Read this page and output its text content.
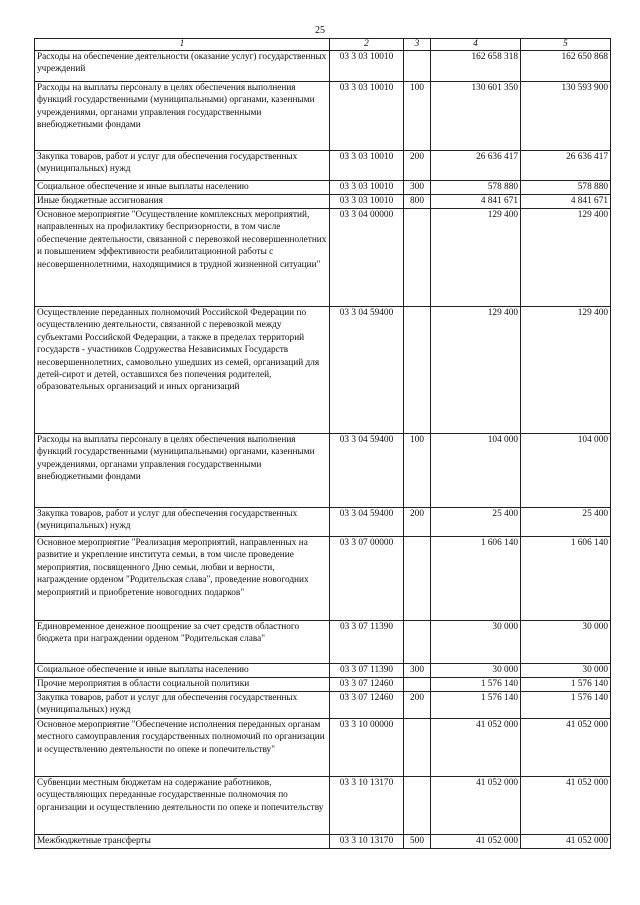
25
1	2	3	4	5
Расходы на обеспечение деятельности (оказание услуг) государственных учреждений	03 3 03 10010		162 658 318	162 650 868
Расходы на выплаты персоналу в целях обеспечения выполнения функций государственными (муниципальными) органами, казенными учреждениями, органами управления государственными внебюджетными фондами	03 3 03 10010	100	130 601 350	130 593 900
Закупка товаров, работ и услуг для обеспечения государственных (муниципальных) нужд	03 3 03 10010	200	26 636 417	26 636 417
Социальное обеспечение и иные выплаты населению	03 3 03 10010	300	578 880	578 880
Иные бюджетные ассигнования	03 3 03 10010	800	4 841 671	4 841 671
Основное мероприятие "Осуществление комплексных мероприятий, направленных на профилактику беспризорности, в том числе обеспечение деятельности, связанной с перевозкой несовершеннолетних и повышением эффективности реабилитационной работы с несовершеннолетними, находящимися в трудной жизненной ситуации"	03 3 04 00000		129 400	129 400
Осуществление переданных полномочий Российской Федерации по осуществлению деятельности, связанной с перевозкой между субъектами Российской Федерации, а также в пределах территорий государств - участников Содружества Независимых Государств несовершеннолетних, самовольно ушедших из семей, организаций для детей-сирот и детей, оставшихся без попечения родителей, образовательных организаций и иных организаций	03 3 04 59400		129 400	129 400
Расходы на выплаты персоналу в целях обеспечения выполнения функций государственными (муниципальными) органами, казенными учреждениями, органами управления государственными внебюджетными фондами	03 3 04 59400	100	104 000	104 000
Закупка товаров, работ и услуг для обеспечения государственных (муниципальных) нужд	03 3 04 59400	200	25 400	25 400
Основное мероприятие "Реализация мероприятий, направленных на развитие и укрепление института семьи, в том числе проведение мероприятия, посвященного Дню семьи, любви и верности, награждение орденом "Родительская слава", проведение новогодних мероприятий и приобретение новогодних подарков"	03 3 07 00000		1 606 140	1 606 140
Единовременное денежное поощрение за счет средств областного бюджета при награждении орденом "Родительская слава"	03 3 07 11390		30 000	30 000
Социальное обеспечение и иные выплаты населению	03 3 07 11390	300	30 000	30 000
Прочие мероприятия в области социальной политики	03 3 07 12460		1 576 140	1 576 140
Закупка товаров, работ и услуг для обеспечения государственных (муниципальных) нужд	03 3 07 12460	200	1 576 140	1 576 140
Основное мероприятие "Обеспечение исполнения переданных органам местного самоуправления государственных полномочий по организации и осуществлению деятельности по опеке и попечительству"	03 3 10 00000		41 052 000	41 052 000
Субвенции местным бюджетам на содержание работников, осуществляющих переданные государственные полномочия по организации и осуществлению деятельности по опеке и попечительству	03 3 10 13170		41 052 000	41 052 000
Межбюджетные трансферты	03 3 10 13170	500	41 052 000	41 052 000
